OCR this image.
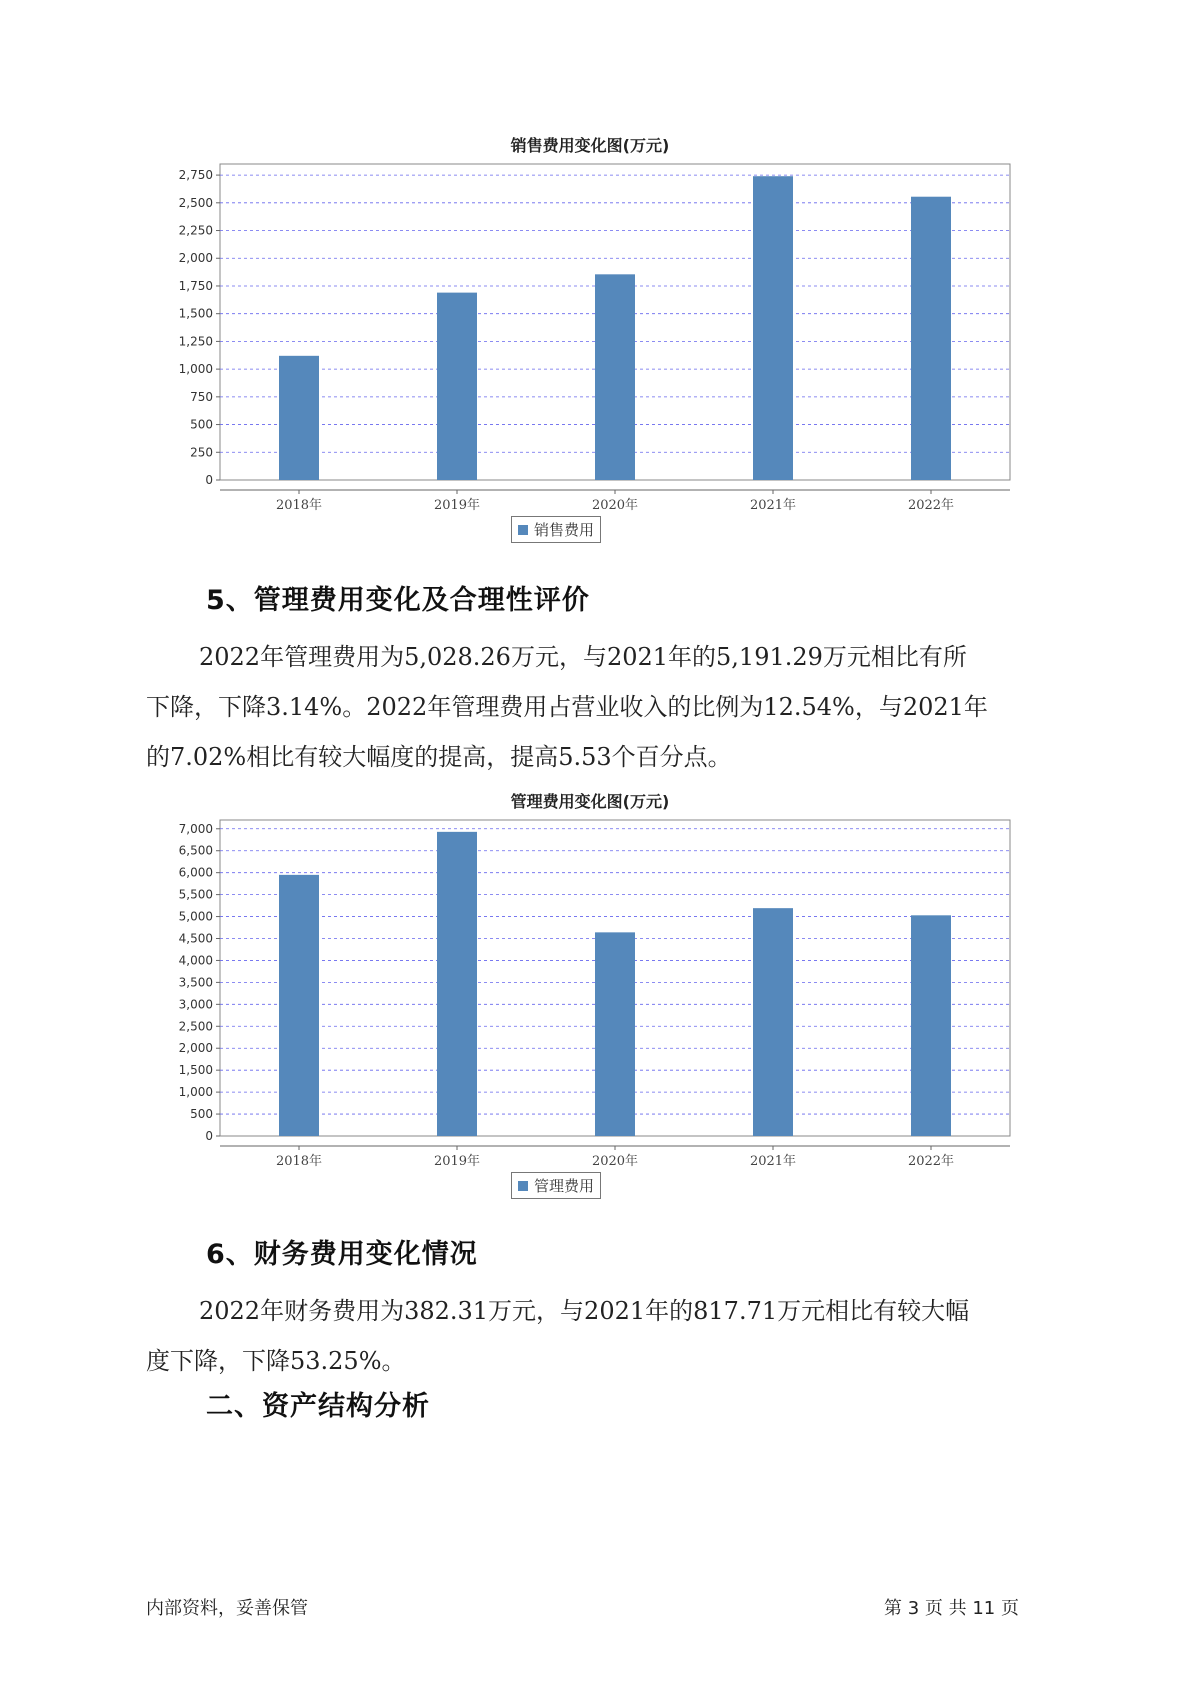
销售费用变化图(万元)
0
250
500
750
1,000
1,250
1,500
1,750
2,000
2,250
2,500
2,750
2018年	2019年	2020年	2021年	2022年
销售费用
5、管理费用变化及合理性评价
2022年管理费用为5,028.26万元，与2021年的5,191.29万元相比有所
下降，下降3.14%。2022年管理费用占营业收入的比例为12.54%，与2021年
的7.02%相比有较大幅度的提高，提高5.53个百分点。
管理费用变化图(万元)
0
500
1,000
1,500
2,000
2,500
3,000
3,500
4,000
4,500
5,000
5,500
6,000
6,500
7,000
2018年	2019年	2020年	2021年	2022年
管理费用
6、财务费用变化情况
2022年财务费用为382.31万元，与2021年的817.71万元相比有较大幅
度下降，下降53.25%。
二、资产结构分析
内部资料，妥善保管	第 3 页 共 11 页
